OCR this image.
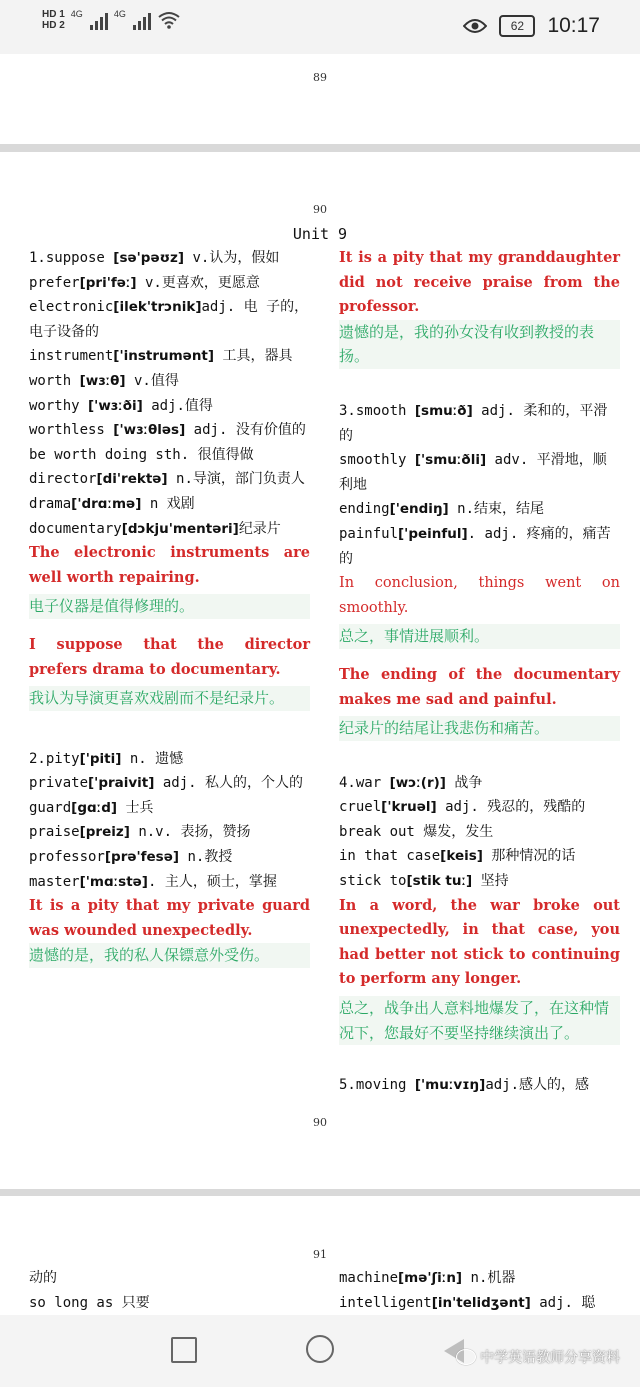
HD 1
HD 2
4G	4G
62	10:17
89
90
Unit 9

1.suppose [sə'pəʊz] v.认为，假如

prefer[pri'fəː] v.更喜欢，更愿意

electronic[ilek'trɔnik]adj. 电 子的，电子设备的

instrument['instrumənt] 工具，器具

worth [wɜːθ] v.值得

worthy ['wɜːði] adj.值得

worthless ['wɜːθləs] adj. 没有价值的

be worth doing sth. 很值得做

director[di'rektə] n.导演，部门负责人

drama['drɑːmə] n 戏剧

documentary[dɔkju'mentəri]纪录片

The electronic instruments are well worth repairing.

电子仪器是值得修理的。

I suppose that the director prefers drama to documentary.

我认为导演更喜欢戏剧而不是纪录片。

2.pity['piti] n. 遗憾

private['praivit] adj. 私人的，个人的

guard[gɑːd] 士兵

praise[preiz] n.v. 表扬，赞扬

professor[prə'fesə] n.教授

master['mɑːstə]. 主人，硕士，掌握

It is a pity that my private guard was wounded unexpectedly.

遗憾的是，我的私人保镖意外受伤。

It is a pity that my granddaughter did not receive praise from the professor.

遗憾的是，我的孙女没有收到教授的表扬。

3.smooth [smuːð] adj. 柔和的，平滑的

smoothly ['smuːðli] adv. 平滑地，顺利地

ending['endiŋ] n.结束，结尾

painful['peinful]. adj. 疼痛的，痛苦的

In conclusion, things went on smoothly.

总之，事情进展顺利。

The ending of the documentary makes me sad and painful.

纪录片的结尾让我悲伤和痛苦。

4.war [wɔː(r)] 战争

cruel['kruəl] adj. 残忍的，残酷的

break out 爆发，发生

in that case[keis] 那种情况的话

stick to[stik tuː] 坚持

In a word, the war broke out unexpectedly, in that case, you had better not stick to continuing to perform any longer.

总之，战争出人意料地爆发了，在这种情况下，您最好不要坚持继续演出了。

5.moving ['muːvɪŋ]adj.感人的，感

90
91

动的

so long as 只要

machine[mə'ʃiːn] n.机器

intelligent[in'telidʒənt] adj. 聪

中学英语教师分享资料
